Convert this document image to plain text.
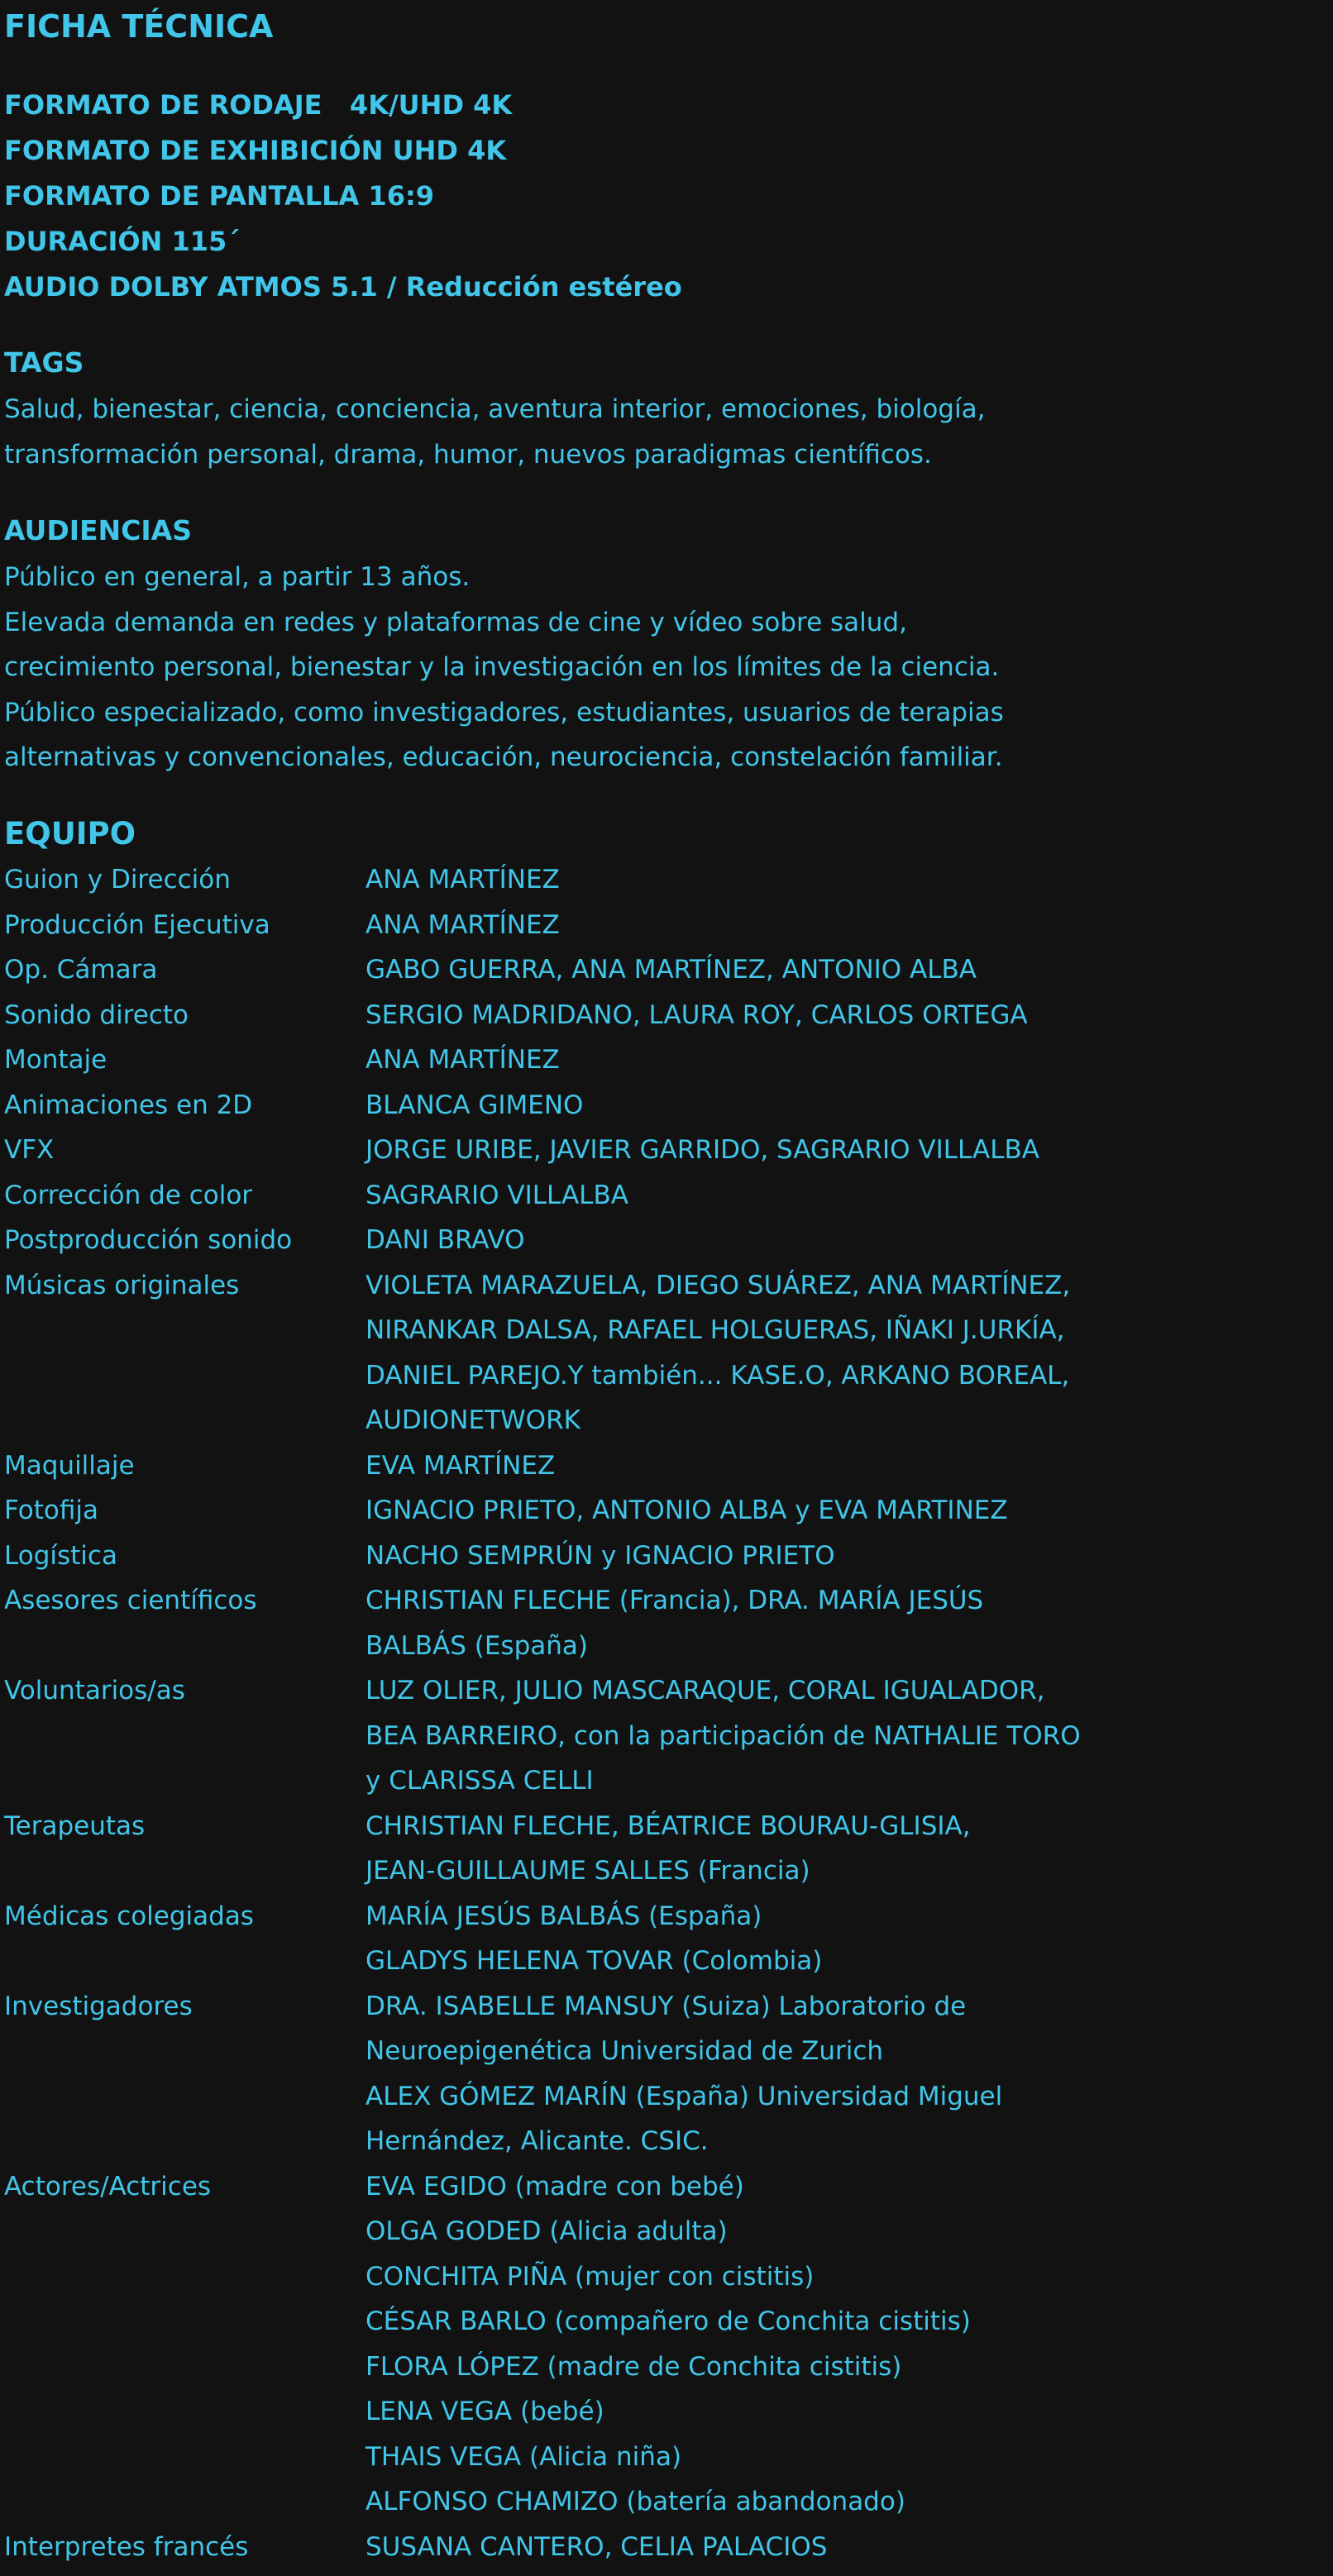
FICHA TÉCNICA
FORMATO DE RODAJE   4K/UHD 4K
FORMATO DE EXHIBICIÓN UHD 4K
FORMATO DE PANTALLA 16:9
DURACIÓN 115´
AUDIO DOLBY ATMOS 5.1 / Reducción estéreo
TAGS
Salud, bienestar, ciencia, conciencia, aventura interior, emociones, biología,
transformación personal, drama, humor, nuevos paradigmas científicos.
AUDIENCIAS
Público en general, a partir 13 años.
Elevada demanda en redes y plataformas de cine y vídeo sobre salud,
crecimiento personal, bienestar y la investigación en los límites de la ciencia.
Público especializado, como investigadores, estudiantes, usuarios de terapias
alternativas y convencionales, educación, neurociencia, constelación familiar.
EQUIPO
Guion y Dirección	ANA MARTÍNEZ
Producción Ejecutiva	ANA MARTÍNEZ
Op. Cámara	GABO GUERRA, ANA MARTÍNEZ, ANTONIO ALBA
Sonido directo	SERGIO MADRIDANO, LAURA ROY, CARLOS ORTEGA
Montaje	ANA MARTÍNEZ
Animaciones en 2D	BLANCA GIMENO
VFX	JORGE URIBE, JAVIER GARRIDO, SAGRARIO VILLALBA
Corrección de color	SAGRARIO VILLALBA
Postproducción sonido	DANI BRAVO
Músicas originales	VIOLETA MARAZUELA, DIEGO SUÁREZ, ANA MARTÍNEZ,
NIRANKAR DALSA, RAFAEL HOLGUERAS, IÑAKI J.URKÍA,
DANIEL PAREJO.Y también... KASE.O, ARKANO BOREAL,
AUDIONETWORK
Maquillaje	EVA MARTÍNEZ
Fotofija	IGNACIO PRIETO, ANTONIO ALBA y EVA MARTINEZ
Logística	NACHO SEMPRÚN y IGNACIO PRIETO
Asesores científicos	CHRISTIAN FLECHE (Francia), DRA. MARÍA JESÚS
BALBÁS (España)
Voluntarios/as	LUZ OLIER, JULIO MASCARAQUE, CORAL IGUALADOR,
BEA BARREIRO, con la participación de NATHALIE TORO
y CLARISSA CELLI
Terapeutas	CHRISTIAN FLECHE, BÉATRICE BOURAU-GLISIA,
JEAN-GUILLAUME SALLES (Francia)
Médicas colegiadas	MARÍA JESÚS BALBÁS (España)
GLADYS HELENA TOVAR (Colombia)
Investigadores	DRA. ISABELLE MANSUY (Suiza) Laboratorio de
Neuroepigenética Universidad de Zurich
ALEX GÓMEZ MARÍN (España) Universidad Miguel
Hernández, Alicante. CSIC.
Actores/Actrices	EVA EGIDO (madre con bebé)
OLGA GODED (Alicia adulta)
CONCHITA PIÑA (mujer con cistitis)
CÉSAR BARLO (compañero de Conchita cistitis)
FLORA LÓPEZ (madre de Conchita cistitis)
LENA VEGA (bebé)
THAIS VEGA (Alicia niña)
ALFONSO CHAMIZO (batería abandonado)
Interpretes francés	SUSANA CANTERO, CELIA PALACIOS
